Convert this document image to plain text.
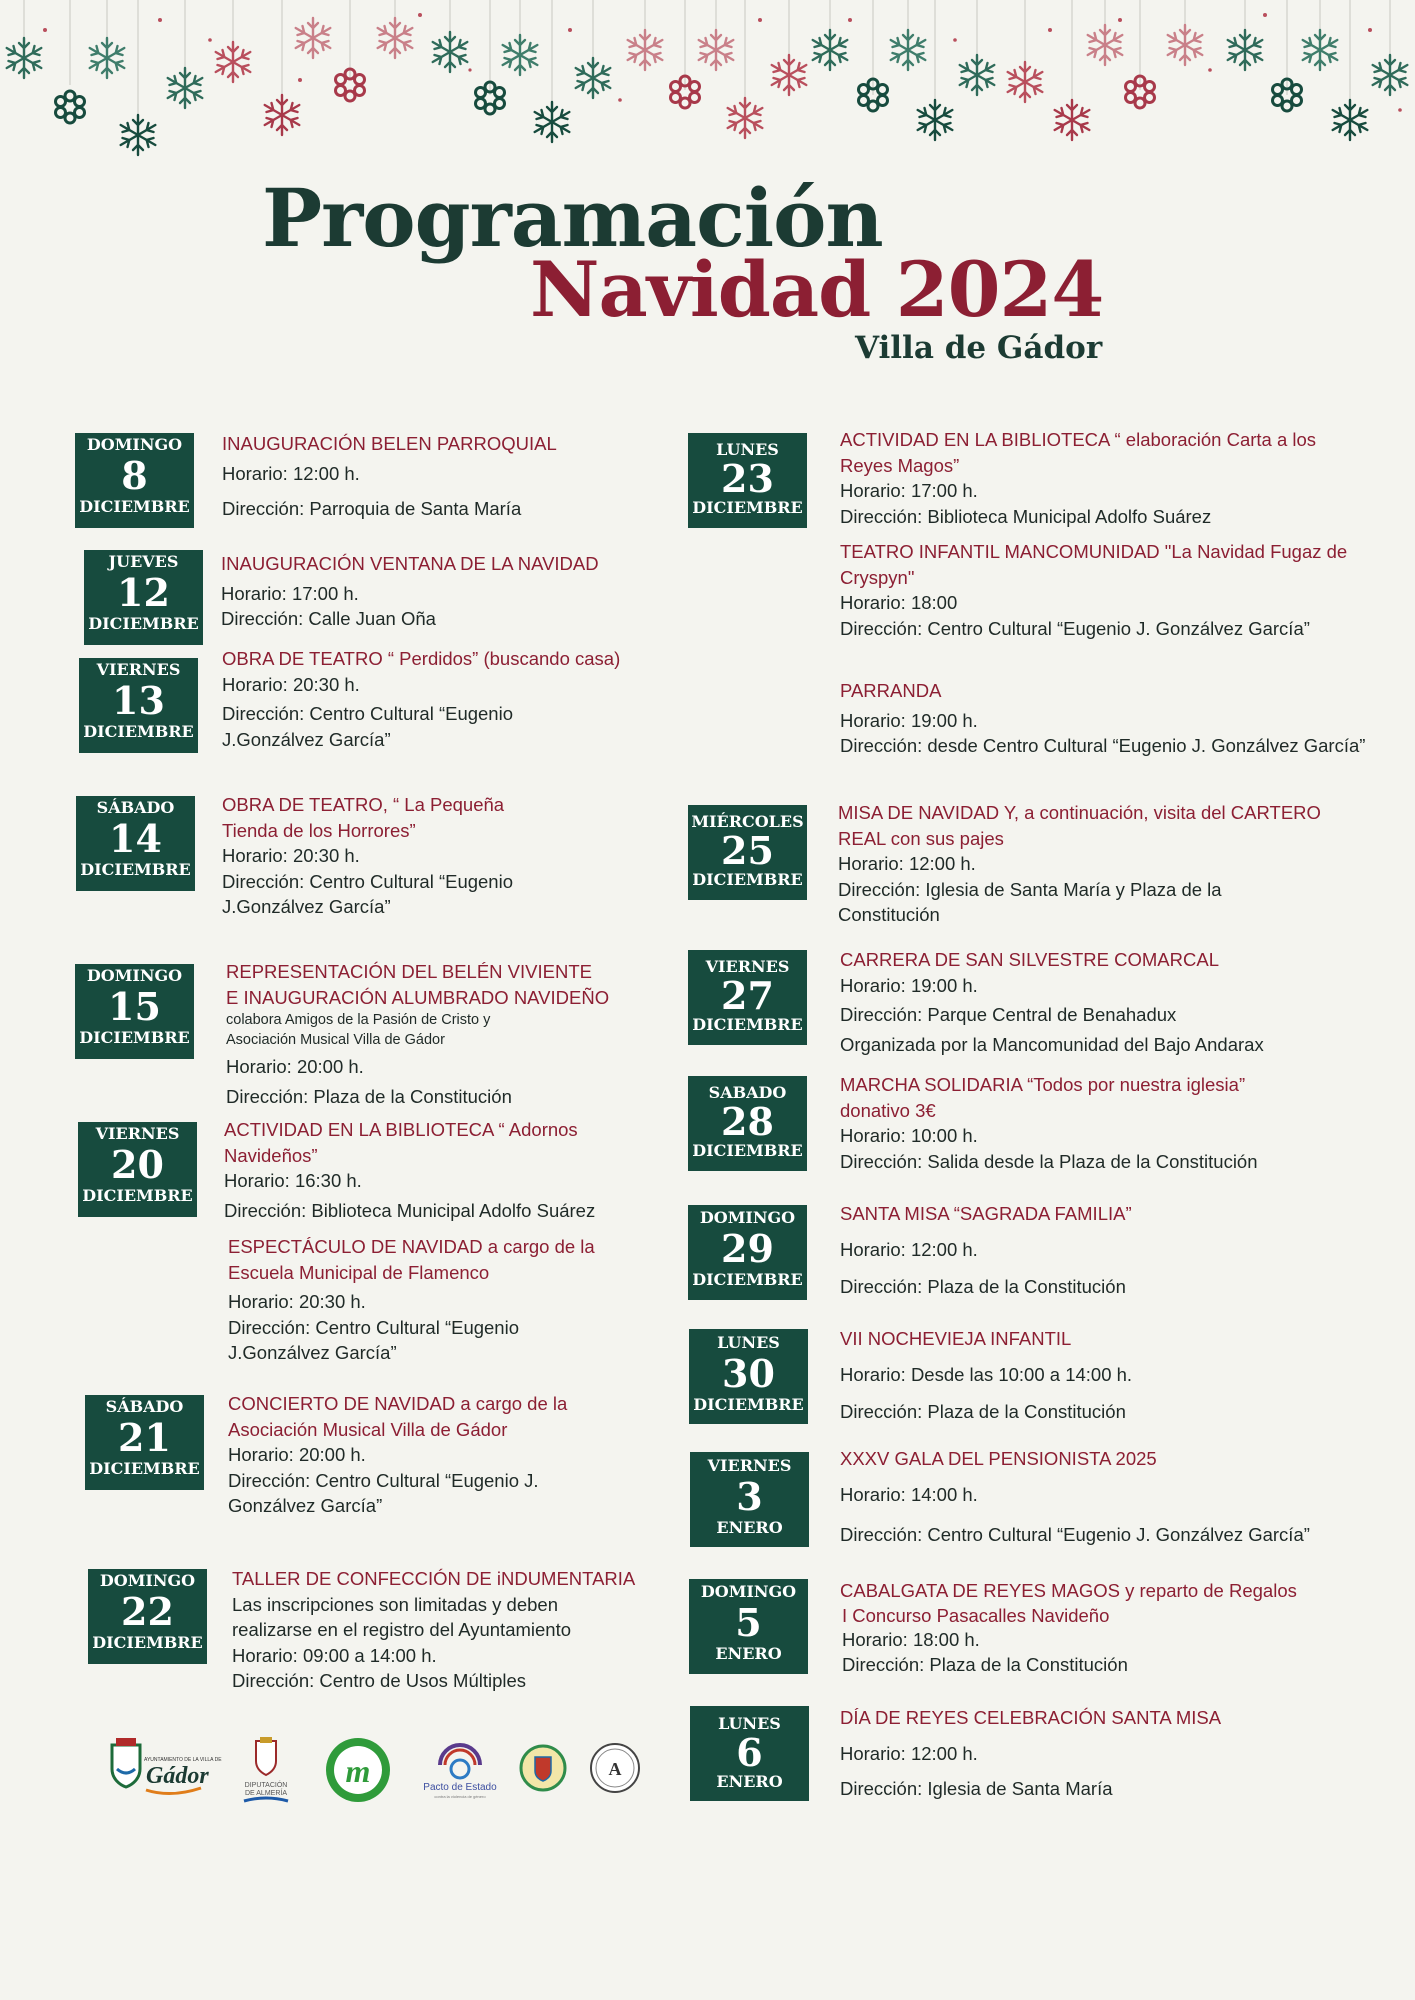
Programación
Navidad 2024
Villa de Gádor
DOMINGO
8
DICIEMBRE
JUEVES
12
DICIEMBRE
VIERNES
13
DICIEMBRE
SÁBADO
14
DICIEMBRE
DOMINGO
15
DICIEMBRE
VIERNES
20
DICIEMBRE
SÁBADO
21
DICIEMBRE
DOMINGO
22
DICIEMBRE
LUNES
23
DICIEMBRE
MIÉRCOLES
25
DICIEMBRE
VIERNES
27
DICIEMBRE
SABADO
28
DICIEMBRE
DOMINGO
29
DICIEMBRE
LUNES
30
DICIEMBRE
VIERNES
3
ENERO
DOMINGO
5
ENERO
LUNES
6
ENERO
INAUGURACIÓN BELEN PARROQUIAL
Horario: 12:00 h.
Dirección: Parroquia de Santa María
INAUGURACIÓN VENTANA DE LA NAVIDAD
Horario: 17:00 h.
Dirección: Calle Juan Oña
OBRA DE TEATRO “ Perdidos” (buscando casa)
Horario: 20:30 h.
Dirección: Centro Cultural “Eugenio J.Gonzálvez García”
OBRA DE TEATRO, “ La Pequeña Tienda de los Horrores”
Horario: 20:30 h.
Dirección: Centro Cultural “Eugenio J.Gonzálvez García”
REPRESENTACIÓN DEL BELÉN VIVIENTE
E INAUGURACIÓN ALUMBRADO NAVIDEÑO
colabora Amigos de la Pasión de Cristo y
Asociación Musical Villa de Gádor
Horario: 20:00 h.
Dirección: Plaza de la Constitución
ACTIVIDAD EN LA BIBLIOTECA “ Adornos Navideños”
Horario: 16:30 h.
Dirección: Biblioteca Municipal Adolfo Suárez
ESPECTÁCULO DE NAVIDAD a cargo de la Escuela Municipal de Flamenco
Horario: 20:30 h.
Dirección: Centro Cultural “Eugenio J.Gonzálvez García”
CONCIERTO DE NAVIDAD a cargo de la Asociación Musical Villa de Gádor
Horario: 20:00 h.
Dirección: Centro Cultural “Eugenio J. Gonzálvez García”
TALLER DE CONFECCIÓN DE iNDUMENTARIA
Las inscripciones son limitadas y deben realizarse en el registro del Ayuntamiento
Horario: 09:00 a 14:00 h.
Dirección: Centro de Usos Múltiples
ACTIVIDAD EN LA BIBLIOTECA “ elaboración Carta a los Reyes Magos”
Horario: 17:00 h.
Dirección: Biblioteca Municipal Adolfo Suárez
TEATRO INFANTIL MANCOMUNIDAD "La Navidad Fugaz de Cryspyn"
Horario: 18:00
Dirección: Centro Cultural “Eugenio J. Gonzálvez García”
PARRANDA
Horario: 19:00 h.
Dirección: desde Centro Cultural “Eugenio J. Gonzálvez García”
MISA DE NAVIDAD Y, a continuación, visita del CARTERO REAL con sus pajes
Horario: 12:00 h.
Dirección: Iglesia de Santa María y Plaza de la Constitución
CARRERA DE SAN SILVESTRE COMARCAL
Horario: 19:00 h.
Dirección: Parque Central de Benahadux
Organizada por la Mancomunidad del Bajo Andarax
MARCHA SOLIDARIA “Todos por nuestra iglesia” donativo 3€
Horario: 10:00 h.
Dirección: Salida desde la Plaza de la Constitución
SANTA MISA “SAGRADA FAMILIA”
Horario: 12:00 h.
Dirección: Plaza de la Constitución
VII NOCHEVIEJA INFANTIL
Horario: Desde las 10:00 a 14:00 h.
Dirección: Plaza de la Constitución
XXXV GALA DEL PENSIONISTA 2025
Horario: 14:00 h.
Dirección: Centro Cultural “Eugenio J. Gonzálvez García”
CABALGATA DE REYES MAGOS y reparto de Regalos
I Concurso Pasacalles Navideño
Horario: 18:00 h.
Dirección: Plaza de la Constitución
DÍA DE REYES CELEBRACIÓN SANTA MISA
Horario: 12:00 h.
Dirección: Iglesia de Santa María
AYUNTAMIENTO DE LA VILLA DE
Gádor	DIPUTACIÓN
DE ALMERÍA
m	Pacto de Estado
contra la violencia de género
A
